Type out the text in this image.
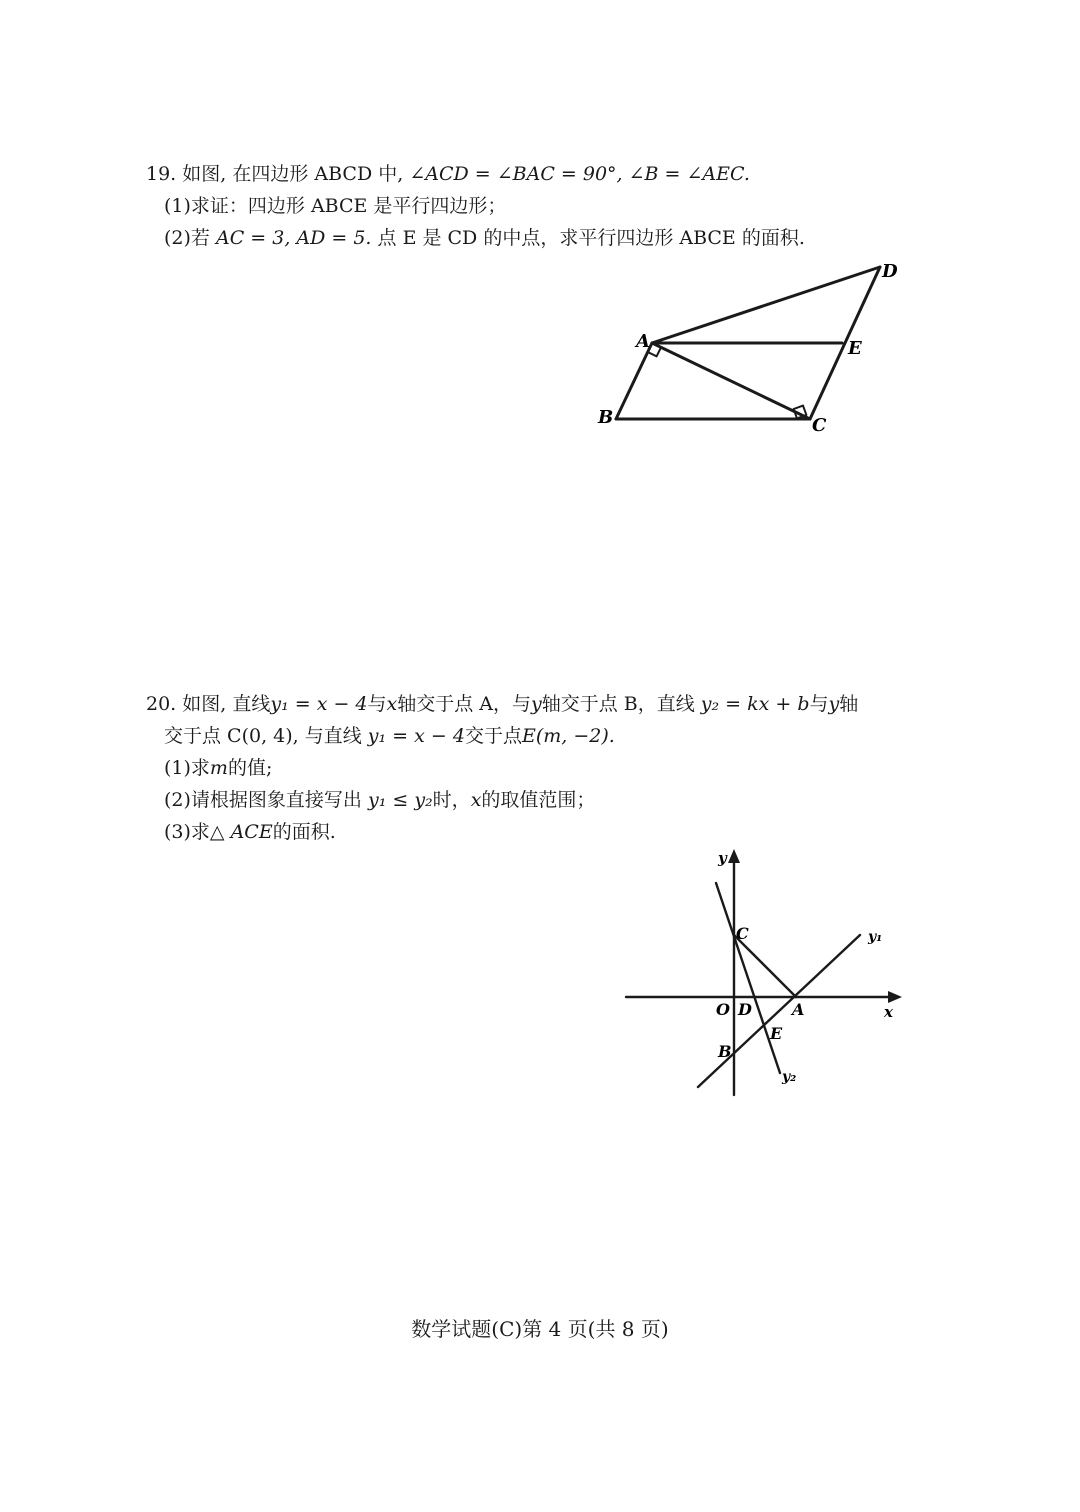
19. 如图, 在四边形 ABCD 中, ∠ACD = ∠BAC = 90°, ∠B = ∠AEC.
(1)求证：四边形 ABCE 是平行四边形；
(2)若 AC = 3, AD = 5. 点 E 是 CD 的中点，求平行四边形 ABCE 的面积.
A
B	C
D
E
20. 如图, 直线y₁ = x − 4与x轴交于点 A，与y轴交于点 B，直线 y₂ = kx + b与y轴
交于点 C(0, 4), 与直线 y₁ = x − 4交于点E(m, −2).
(1)求m的值;
(2)请根据图象直接写出 y₁ ≤ y₂时，x的取值范围；
(3)求△ ACE的面积.
y
x
O D	A
B
C
E
y₁
y₂
数学试题(C)第 4 页(共 8 页)
